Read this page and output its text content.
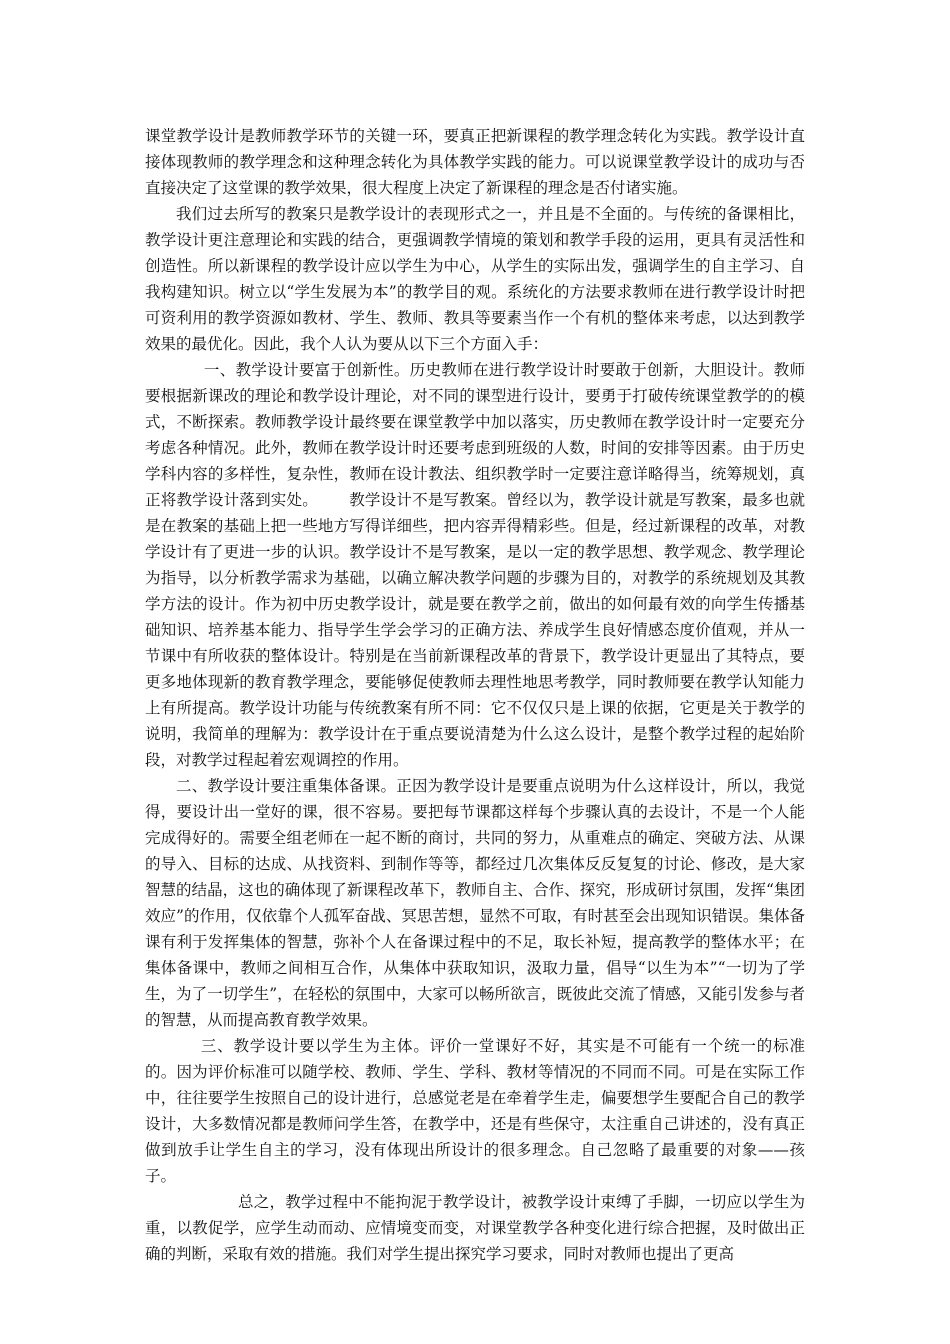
课堂教学设计是教师教学环节的关键一环，要真正把新课程的教学理念转化为实践。教学设计直接体现教师的教学理念和这种理念转化为具体教学实践的能力。可以说课堂教学设计的成功与否直接决定了这堂课的教学效果，很大程度上决定了新课程的理念是否付诸实施。

我们过去所写的教案只是教学设计的表现形式之一，并且是不全面的。与传统的备课相比，教学设计更注意理论和实践的结合，更强调教学情境的策划和教学手段的运用，更具有灵活性和创造性。所以新课程的教学设计应以学生为中心，从学生的实际出发，强调学生的自主学习、自我构建知识。树立以“学生发展为本”的教学目的观。系统化的方法要求教师在进行教学设计时把可资利用的教学资源如教材、学生、教师、教具等要素当作一个有机的整体来考虑，以达到教学效果的最优化。因此，我个人认为要从以下三个方面入手：

一、教学设计要富于创新性。历史教师在进行教学设计时要敢于创新，大胆设计。教师要根据新课改的理论和教学设计理论，对不同的课型进行设计，要勇于打破传统课堂教学的的模式，不断探索。教师教学设计最终要在课堂教学中加以落实，历史教师在教学设计时一定要充分考虑各种情况。此外，教师在教学设计时还要考虑到班级的人数，时间的安排等因素。由于历史学科内容的多样性，复杂性，教师在设计教法、组织教学时一定要注意详略得当，统筹规划，真正将教学设计落到实处。   教学设计不是写教案。曾经以为，教学设计就是写教案，最多也就是在教案的基础上把一些地方写得详细些，把内容弄得精彩些。但是，经过新课程的改革，对教学设计有了更进一步的认识。教学设计不是写教案，是以一定的教学思想、教学观念、教学理论为指导，以分析教学需求为基础，以确立解决教学问题的步骤为目的，对教学的系统规划及其教学方法的设计。作为初中历史教学设计，就是要在教学之前，做出的如何最有效的向学生传播基础知识、培养基本能力、指导学生学会学习的正确方法、养成学生良好情感态度价值观，并从一节课中有所收获的整体设计。特别是在当前新课程改革的背景下，教学设计更显出了其特点，要更多地体现新的教育教学理念，要能够促使教师去理性地思考教学，同时教师要在教学认知能力上有所提高。教学设计功能与传统教案有所不同：它不仅仅只是上课的依据，它更是关于教学的说明，我简单的理解为：教学设计在于重点要说清楚为什么这么设计，是整个教学过程的起始阶段，对教学过程起着宏观调控的作用。

二、教学设计要注重集体备课。正因为教学设计是要重点说明为什么这样设计，所以，我觉得，要设计出一堂好的课，很不容易。要把每节课都这样每个步骤认真的去设计，不是一个人能完成得好的。需要全组老师在一起不断的商讨，共同的努力，从重难点的确定、突破方法、从课的导入、目标的达成、从找资料、到制作等等，都经过几次集体反反复复的讨论、修改，是大家智慧的结晶，这也的确体现了新课程改革下，教师自主、合作、探究，形成研讨氛围，发挥“集团效应”的作用，仅依靠个人孤军奋战、冥思苦想，显然不可取，有时甚至会出现知识错误。集体备课有利于发挥集体的智慧，弥补个人在备课过程中的不足，取长补短，提高教学的整体水平；在集体备课中，教师之间相互合作，从集体中获取知识，汲取力量，倡导“以生为本”“一切为了学生，为了一切学生”，在轻松的氛围中，大家可以畅所欲言，既彼此交流了情感，又能引发参与者的智慧，从而提高教育教学效果。

三、教学设计要以学生为主体。评价一堂课好不好，其实是不可能有一个统一的标准的。因为评价标准可以随学校、教师、学生、学科、教材等情况的不同而不同。可是在实际工作中，往往要学生按照自己的设计进行，总感觉老是在牵着学生走，偏要想学生要配合自己的教学设计，大多数情况都是教师问学生答，在教学中，还是有些保守，太注重自己讲述的，没有真正做到放手让学生自主的学习，没有体现出所设计的很多理念。自己忽略了最重要的对象——孩子。

总之，教学过程中不能拘泥于教学设计，被教学设计束缚了手脚，一切应以学生为重，以教促学，应学生动而动、应情境变而变，对课堂教学各种变化进行综合把握，及时做出正确的判断，采取有效的措施。我们对学生提出探究学习要求，同时对教师也提出了更高
